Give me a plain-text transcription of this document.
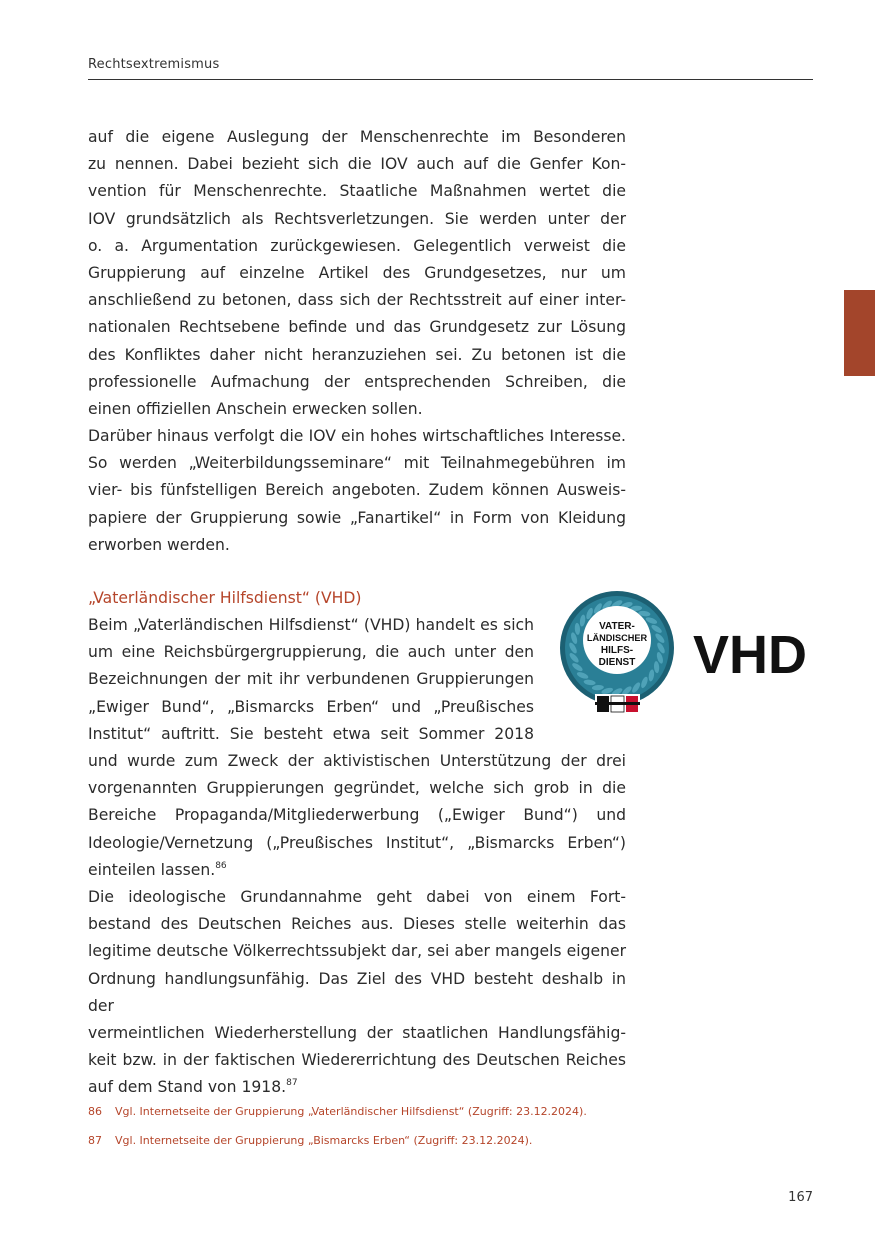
Rechtsextremismus

auf die eigene Auslegung der Menschenrechte im Besonderen
zu nennen. Dabei bezieht sich die IOV auch auf die Genfer Kon-
vention für Menschenrechte. Staatliche Maßnahmen wertet die
IOV grundsätzlich als Rechtsverletzungen. Sie werden unter der
o. a. Argumentation zurückgewiesen. Gelegentlich verweist die
Gruppierung auf einzelne Artikel des Grundgesetzes, nur um
anschließend zu betonen, dass sich der Rechtsstreit auf einer inter-
nationalen Rechtsebene befinde und das Grundgesetz zur Lösung
des Konfliktes daher nicht heranzuziehen sei. Zu betonen ist die
professionelle Aufmachung der entsprechenden Schreiben, die
einen offiziellen Anschein erwecken sollen.

Darüber hinaus verfolgt die IOV ein hohes wirtschaftliches Interesse.
So werden „Weiterbildungsseminare“ mit Teilnahmegebühren im
vier- bis fünfstelligen Bereich angeboten. Zudem können Ausweis-
papiere der Gruppierung sowie „Fanartikel“ in Form von Kleidung
erworben werden.

„Vaterländischer Hilfsdienst“ (VHD)
VATER-
LÄNDISCHER
HILFS-
DIENST VHD

Beim „Vaterländischen Hilfsdienst“ (VHD) handelt es sich
um eine Reichsbürgergruppierung, die auch unter den
Bezeichnungen der mit ihr verbundenen Gruppierungen
„Ewiger Bund“, „Bismarcks Erben“ und „Preußisches
Institut“ auftritt. Sie besteht etwa seit Sommer 2018

und wurde zum Zweck der aktivistischen Unterstützung der drei
vorgenannten Gruppierungen gegründet, welche sich grob in die
Bereiche Propaganda/Mitgliederwerbung („Ewiger Bund“) und
Ideologie/Vernetzung („Preußisches Institut“, „Bismarcks Erben“)
einteilen lassen.$^{86}$

Die ideologische Grundannahme geht dabei von einem Fort-
bestand des Deutschen Reiches aus. Dieses stelle weiterhin das
legitime deutsche Völkerrechtssubjekt dar, sei aber mangels eigener
Ordnung handlungsunfähig. Das Ziel des VHD besteht deshalb in der
vermeintlichen Wiederherstellung der staatlichen Handlungsfähig-
keit bzw. in der faktischen Wiedererrichtung des Deutschen Reiches
auf dem Stand von 1918.87

86 Vgl. Internetseite der Gruppierung „Vaterländischer Hilfsdienst“ (Zugriff: 23.12.2024).
87 Vgl. Internetseite der Gruppierung „Bismarcks Erben“ (Zugriff: 23.12.2024).
167
